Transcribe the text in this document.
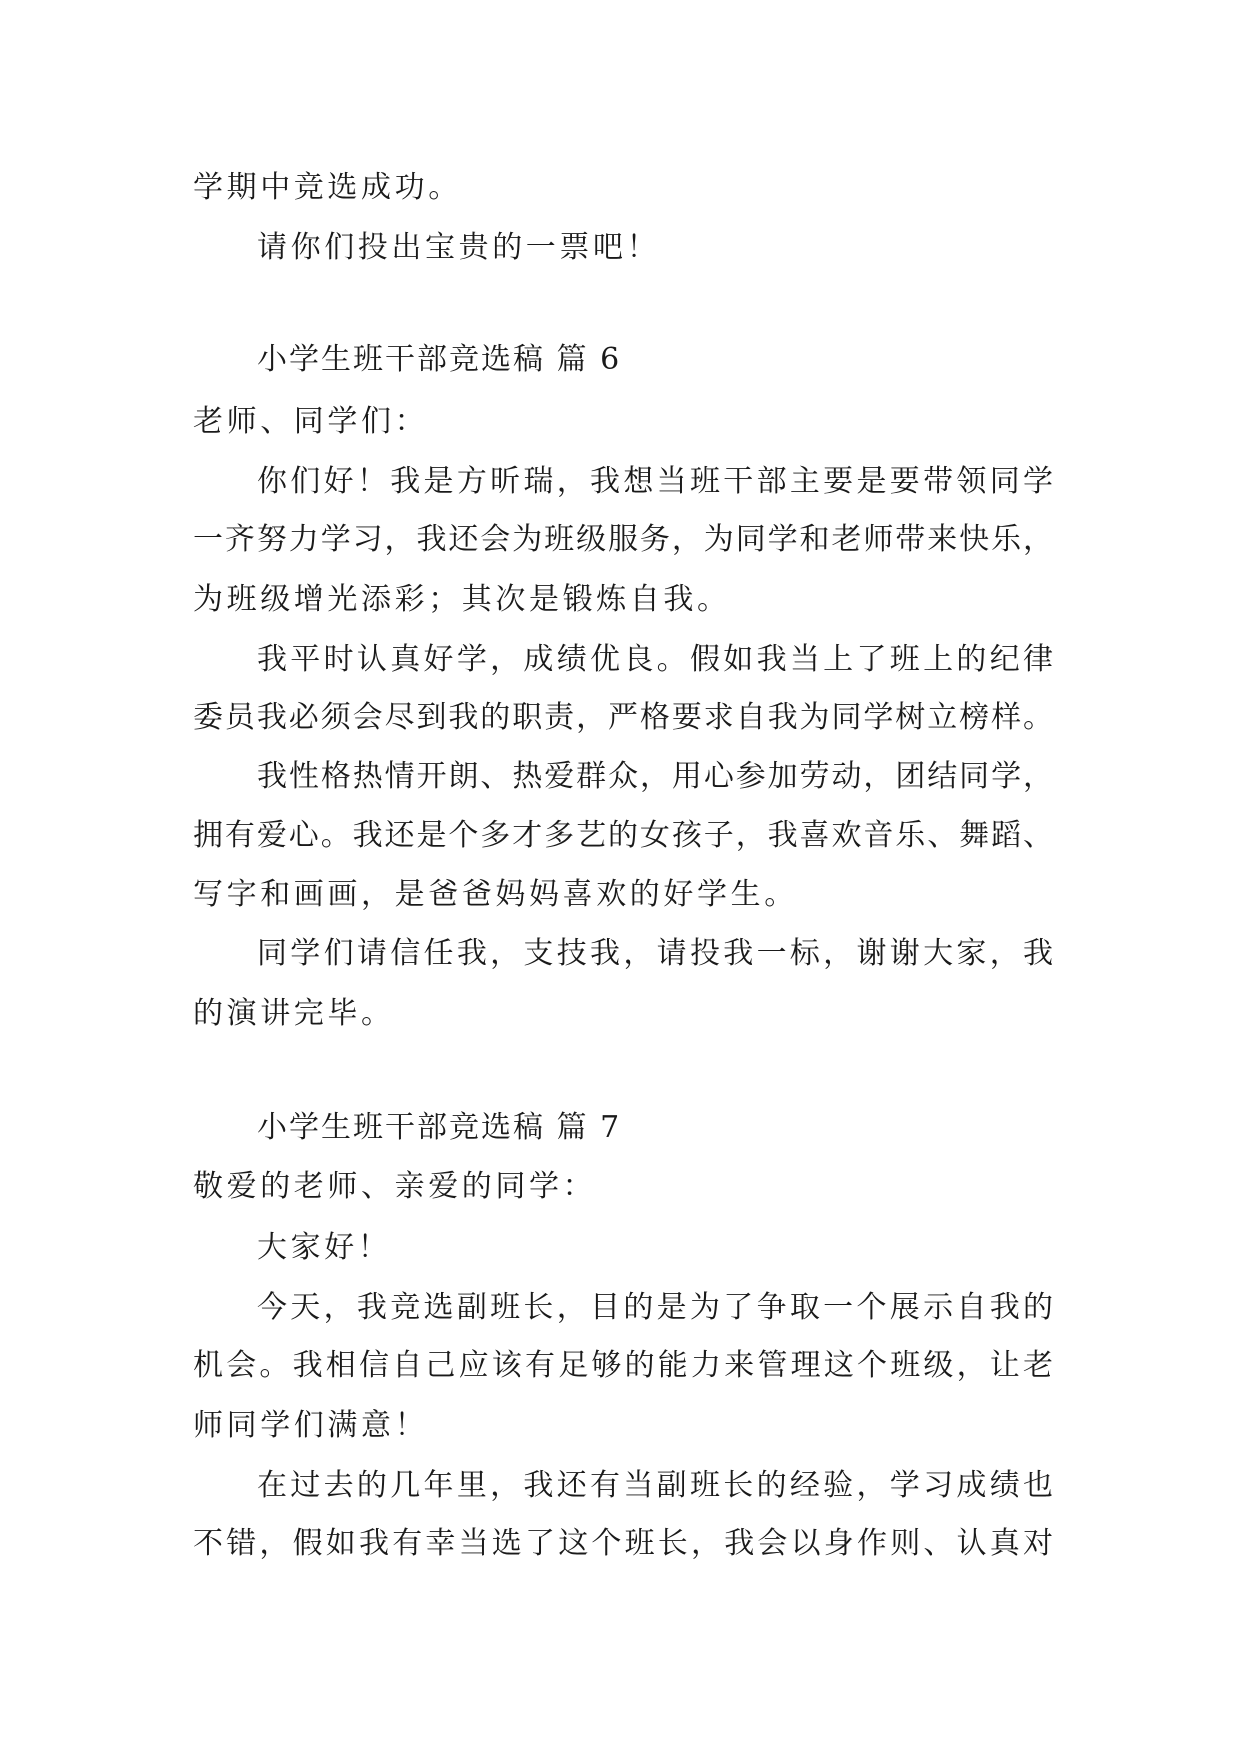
学期中竞选成功。
请你们投出宝贵的一票吧！
小学生班干部竞选稿 篇 6
老师、同学们：
你们好！我是方昕瑞，我想当班干部主要是要带领同学
一齐努力学习，我还会为班级服务，为同学和老师带来快乐，
为班级增光添彩；其次是锻炼自我。
我平时认真好学，成绩优良。假如我当上了班上的纪律
委员我必须会尽到我的职责，严格要求自我为同学树立榜样。
我性格热情开朗、热爱群众，用心参加劳动，团结同学，
拥有爱心。我还是个多才多艺的女孩子，我喜欢音乐、舞蹈、
写字和画画，是爸爸妈妈喜欢的好学生。
同学们请信任我，支技我，请投我一标，谢谢大家，我
的演讲完毕。
小学生班干部竞选稿 篇 7
敬爱的老师、亲爱的同学：
大家好！
今天，我竞选副班长，目的是为了争取一个展示自我的
机会。我相信自己应该有足够的能力来管理这个班级，让老
师同学们满意！
在过去的几年里，我还有当副班长的经验，学习成绩也
不错，假如我有幸当选了这个班长，我会以身作则、认真对
